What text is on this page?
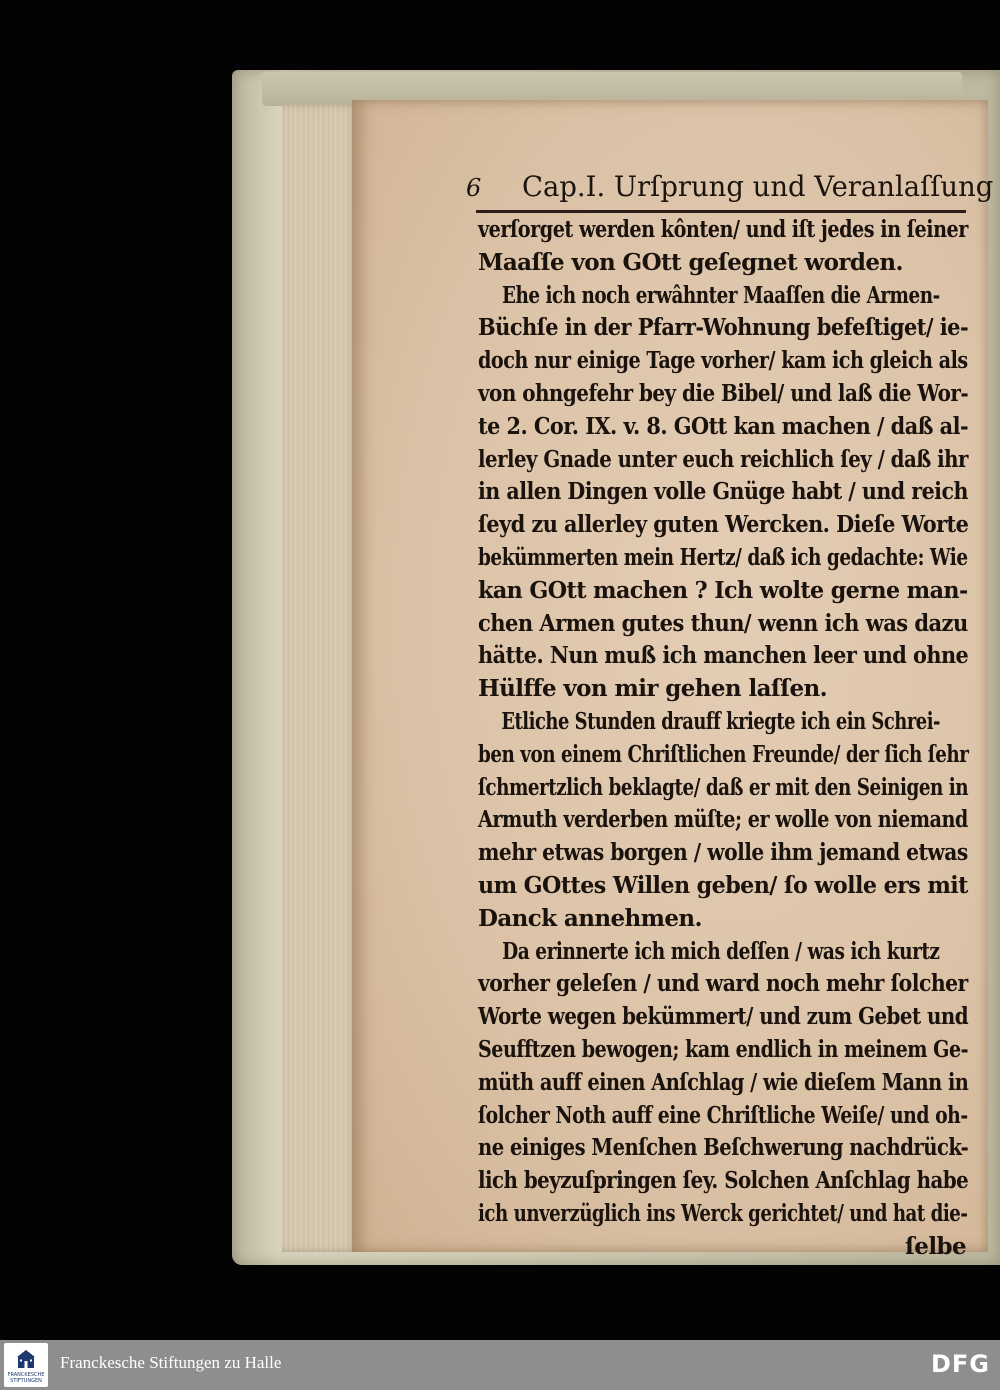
6 Cap.I. Urſprung und Veranlaſſung
verſorget werden kônten/ und iſt jedes in ſeiner
Maaſſe von GOtt geſegnet worden.
Ehe ich noch erwâhnter Maaſſen die Armen-
Büchſe in der Pfarr-Wohnung befeſtiget/ ie-
doch nur einige Tage vorher/ kam ich gleich als
von ohngefehr bey die Bibel/ und laß die Wor-
te 2. Cor. IX. v. 8. GOtt kan machen / daß al-
lerley Gnade unter euch reichlich ſey / daß ihr
in allen Dingen volle Gnüge habt / und reich
ſeyd zu allerley guten Wercken. Dieſe Worte
bekümmerten mein Hertz/ daß ich gedachte: Wie
kan GOtt machen ? Ich wolte gerne man-
chen Armen gutes thun/ wenn ich was dazu
hätte. Nun muß ich manchen leer und ohne
Hülffe von mir gehen laſſen.
Etliche Stunden drauff kriegte ich ein Schrei-
ben von einem Chriſtlichen Freunde/ der ſich ſehr
ſchmertzlich beklagte/ daß er mit den Seinigen in
Armuth verderben müſte; er wolle von niemand
mehr etwas borgen / wolle ihm jemand etwas
um GOttes Willen geben/ ſo wolle ers mit
Danck annehmen.
Da erinnerte ich mich deſſen / was ich kurtz
vorher geleſen / und ward noch mehr ſolcher
Worte wegen bekümmert/ und zum Gebet und
Seufftzen bewogen; kam endlich in meinem Ge-
müth auff einen Anſchlag / wie dieſem Mann in
ſolcher Noth auff eine Chriſtliche Weiſe/ und oh-
ne einiges Menſchen Beſchwerung nachdrück-
lich beyzuſpringen ſey. Solchen Anſchlag habe
ich unverzüglich ins Werck gerichtet/ und hat die-
ſelbe
FRANCKESCHE STIFTUNGEN
Franckesche Stiftungen zu Halle	DFG
